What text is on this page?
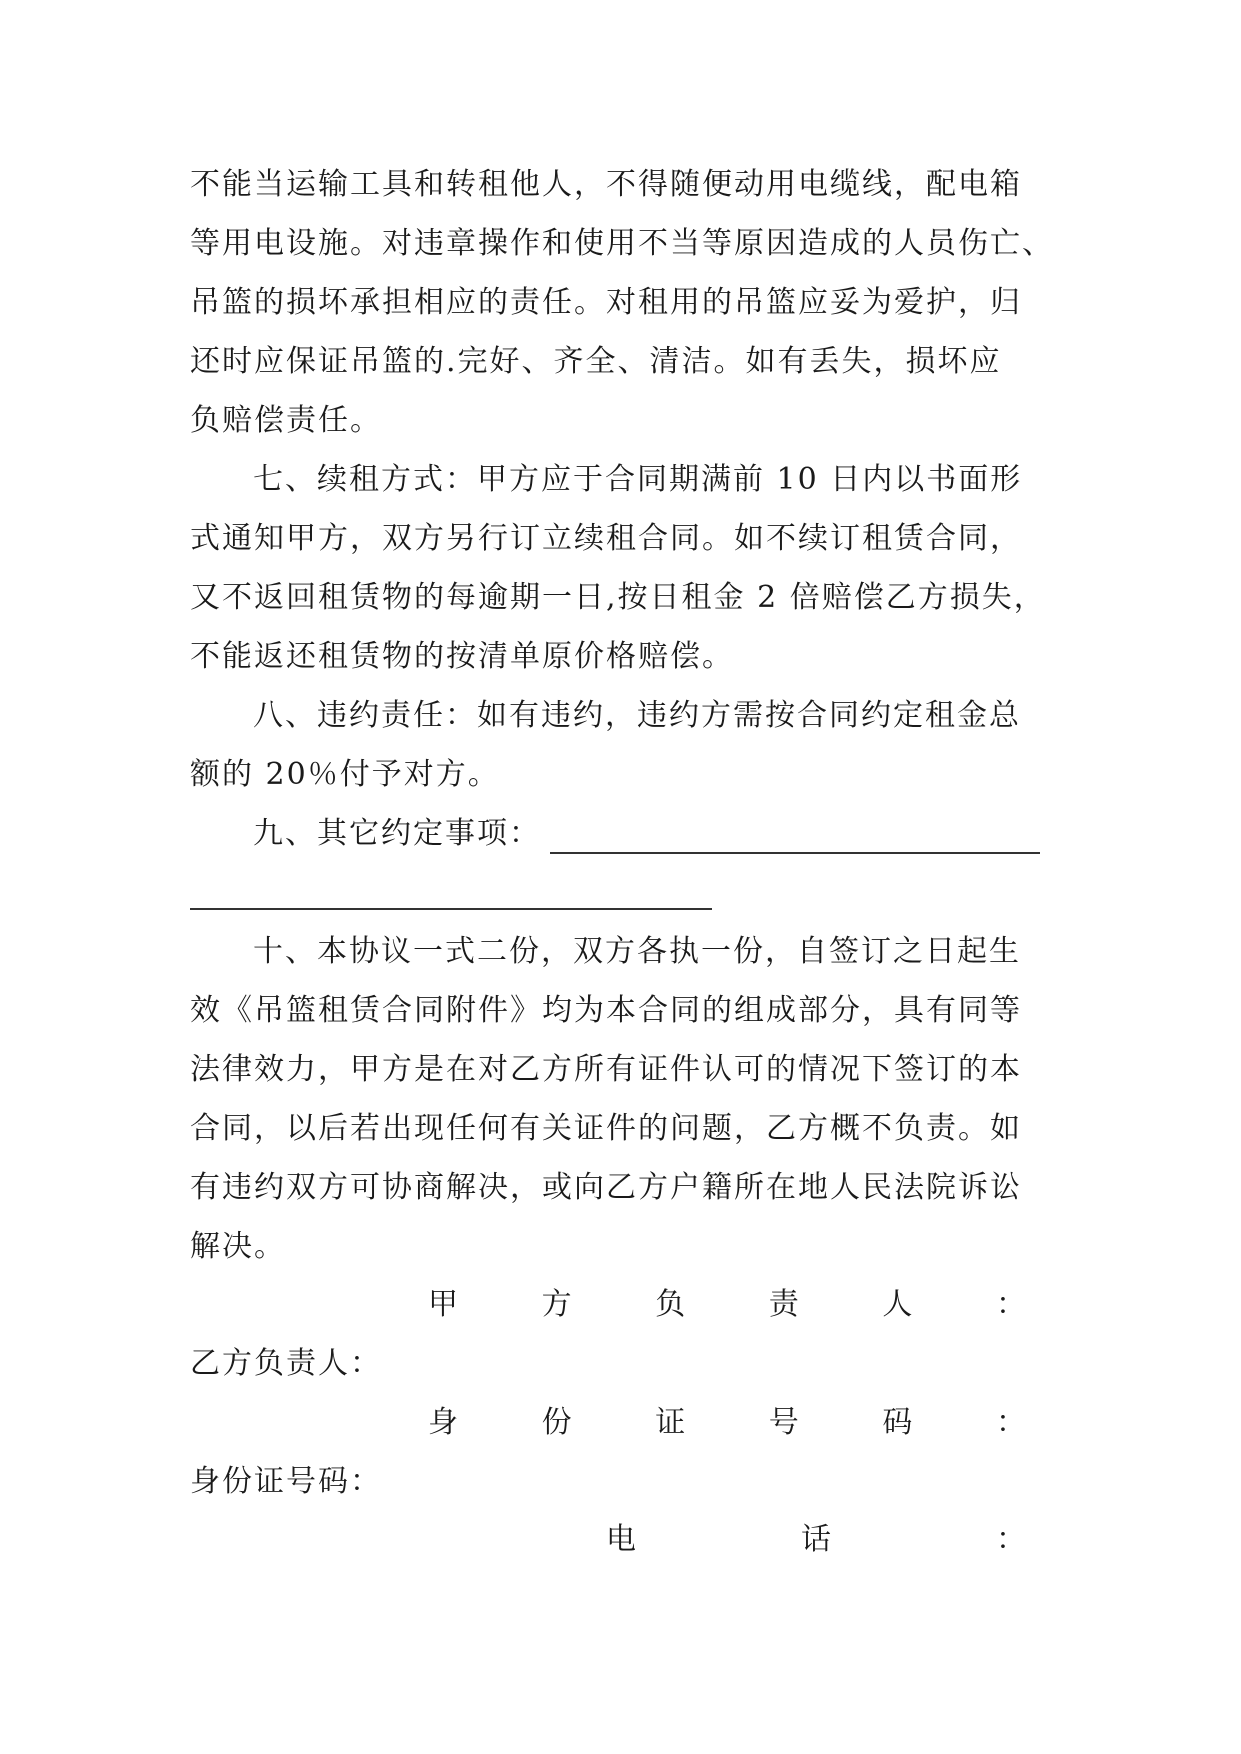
不能当运输工具和转租他人，不得随便动用电缆线，配电箱
等用电设施。对违章操作和使用不当等原因造成的人员伤亡、
吊篮的损坏承担相应的责任。对租用的吊篮应妥为爱护，归
还时应保证吊篮的.完好、齐全、清洁。如有丢失，损坏应
负赔偿责任。
七、续租方式：甲方应于合同期满前 10 日内以书面形
式通知甲方，双方另行订立续租合同。如不续订租赁合同，
又不返回租赁物的每逾期一日,按日租金 2 倍赔偿乙方损失，
不能返还租赁物的按清单原价格赔偿。
八、违约责任：如有违约，违约方需按合同约定租金总
额的 20％付予对方。
九、其它约定事项：
十、本协议一式二份，双方各执一份，自签订之日起生
效《吊篮租赁合同附件》均为本合同的组成部分，具有同等
法律效力，甲方是在对乙方所有证件认可的情况下签订的本
合同，以后若出现任何有关证件的问题，乙方概不负责。如
有违约双方可协商解决，或向乙方户籍所在地人民法院诉讼
解决。
甲	方	负	责	人	：
乙方负责人：
身	份	证	号	码	：
身份证号码：
电	话	：
